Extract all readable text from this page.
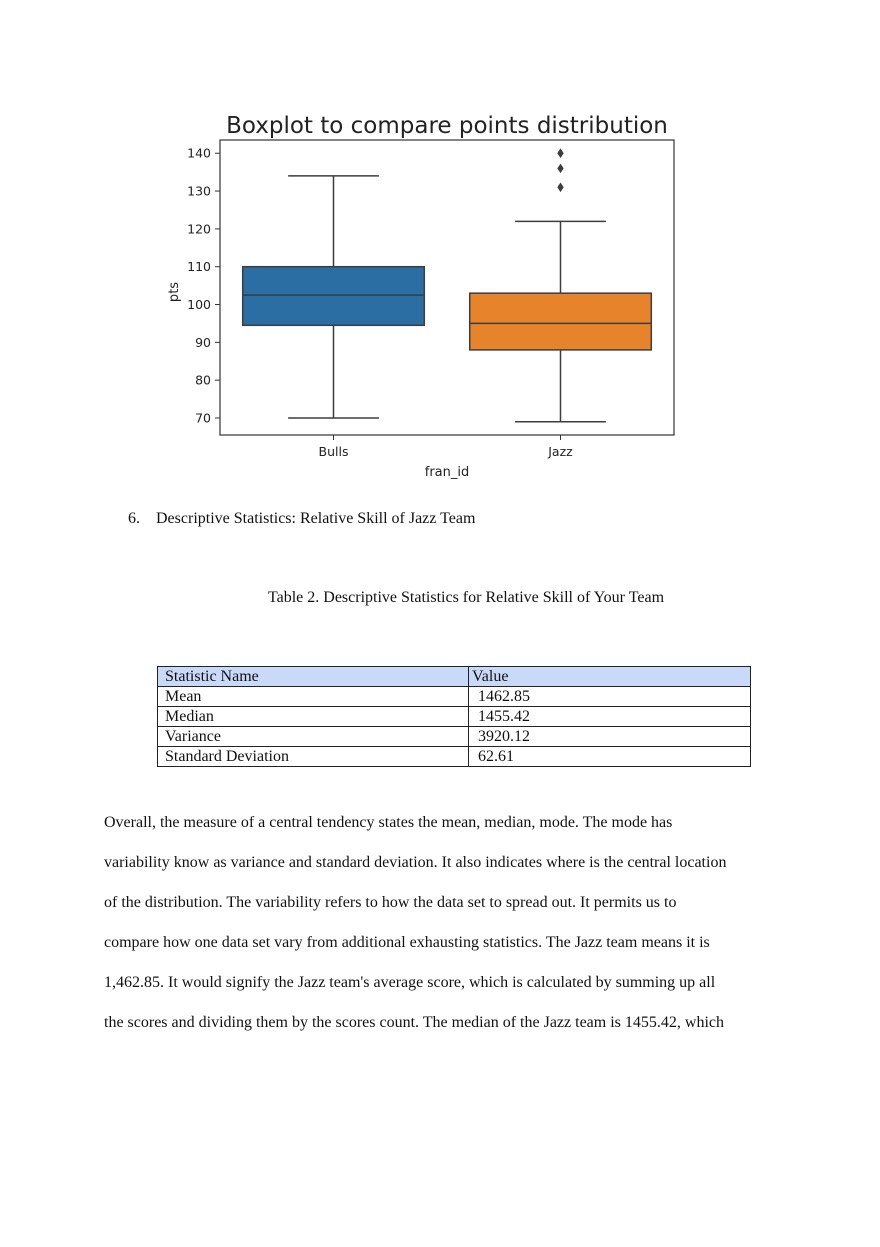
Boxplot to compare points distribution
70
80
90
100
110
120
130
140
Bulls	Jazz
fran_id
pts
6. Descriptive Statistics: Relative Skill of Jazz Team
Table 2. Descriptive Statistics for Relative Skill of Your Team
Statistic Name	Value
Mean	1462.85
Median	1455.42
Variance	3920.12
Standard Deviation	62.61

Overall, the measure of a central tendency states the mean, median, mode. The mode has
variability know as variance and standard deviation. It also indicates where is the central location
of the distribution. The variability refers to how the data set to spread out. It permits us to
compare how one data set vary from additional exhausting statistics. The Jazz team means it is
1,462.85. It would signify the Jazz team's average score, which is calculated by summing up all
the scores and dividing them by the scores count. The median of the Jazz team is 1455.42, which
